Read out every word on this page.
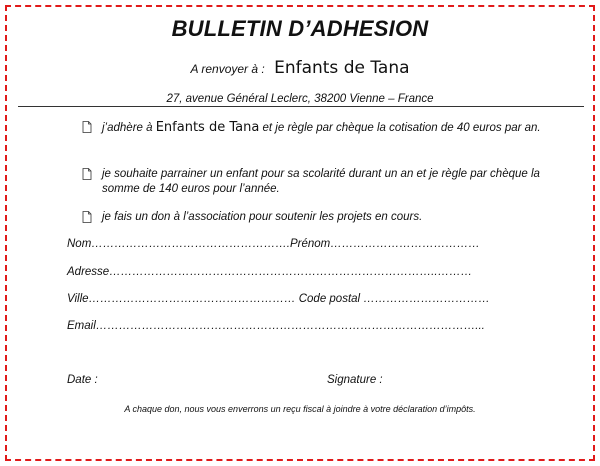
BULLETIN D’ADHESION
A renvoyer à : Enfants de Tana
27, avenue Général Leclerc, 38200 Vienne – France
j’adhère à Enfants de Tana et je règle par chèque la cotisation de 40 euros par an.
je souhaite parrainer un enfant pour sa scolarité durant un an et je règle par chèque la somme de 140 euros pour l’année.
je fais un don à l’association pour soutenir les projets en cours.
Nom…………………………………………….Prénom…………………………………
Adresse…………………………………………………………………………..………
Ville……………………………………………… Code postal ……………………………
Email………………………………………………………………………………………...
Date :	Signature :
A chaque don, nous vous enverrons un reçu fiscal à joindre à votre déclaration d’impôts.
